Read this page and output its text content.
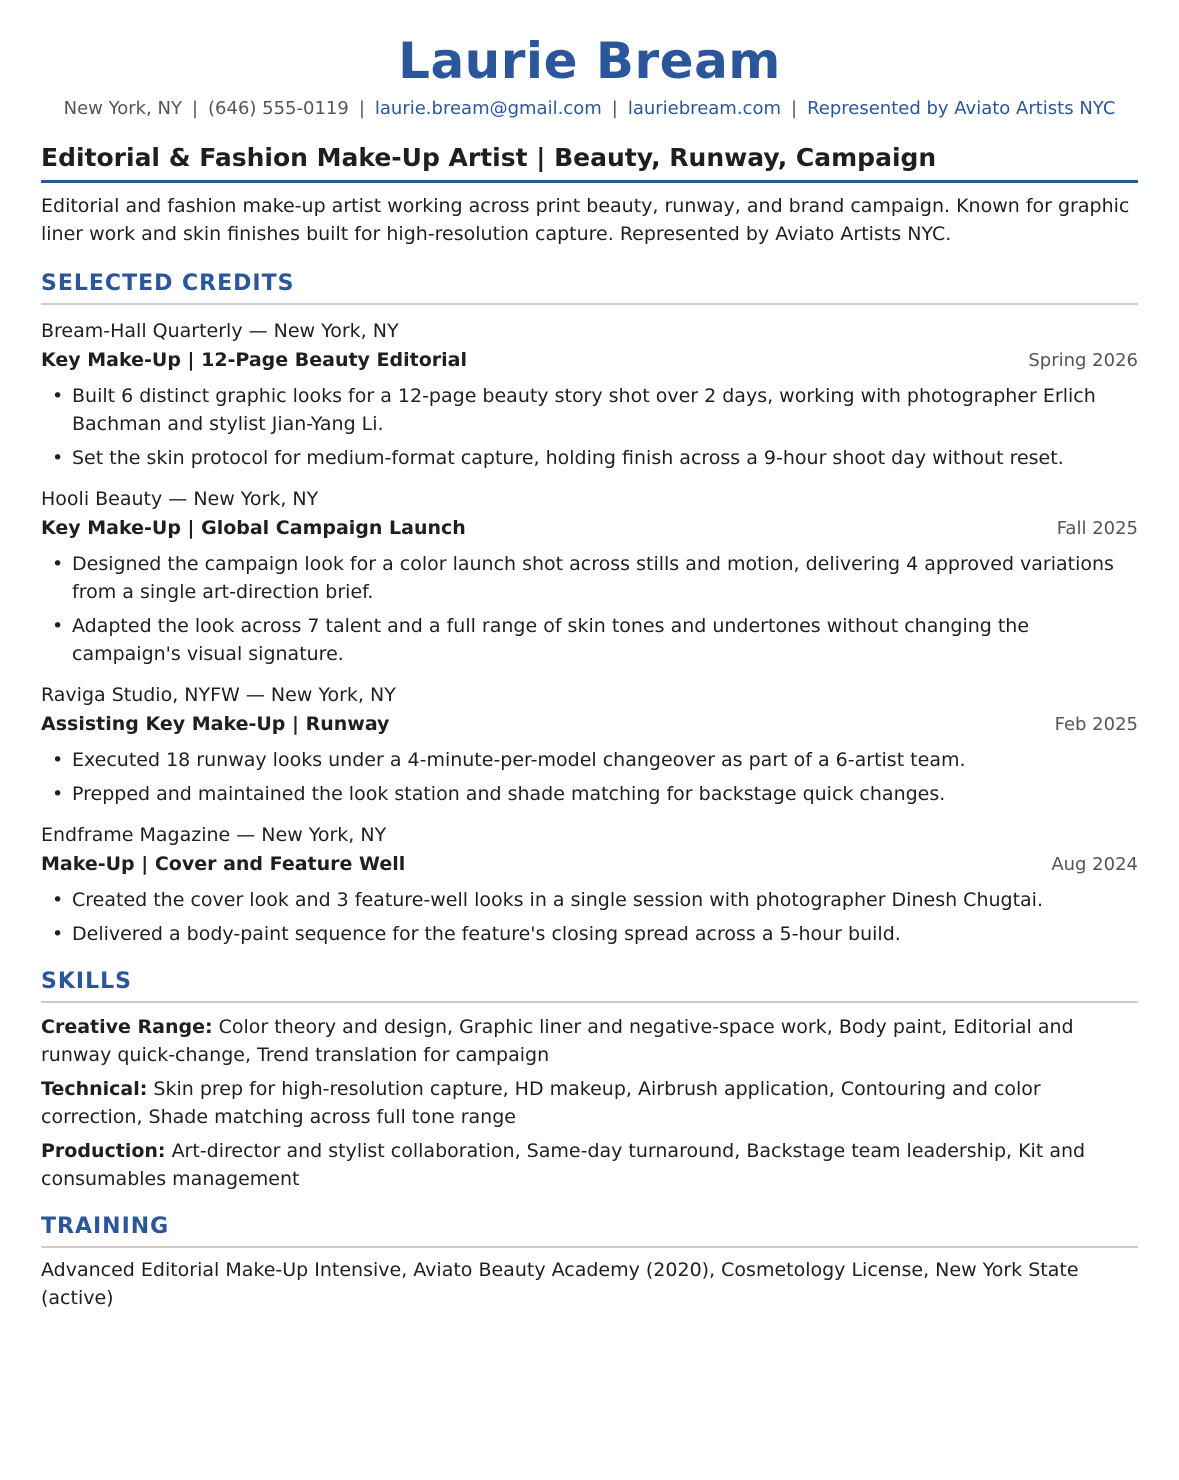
Laurie Bream
New York, NY | (646) 555-0119 | laurie.bream@gmail.com | lauriebream.com | Represented by Aviato Artists NYC
Editorial & Fashion Make-Up Artist | Beauty, Runway, Campaign
Editorial and fashion make-up artist working across print beauty, runway, and brand campaign. Known for graphic liner work and skin finishes built for high-resolution capture. Represented by Aviato Artists NYC.
SELECTED CREDITS
Bream-Hall Quarterly — New York, NY
Key Make-Up | 12-Page Beauty Editorial	Spring 2026
• Built 6 distinct graphic looks for a 12-page beauty story shot over 2 days, working with photographer Erlich Bachman and stylist Jian-Yang Li.
• Set the skin protocol for medium-format capture, holding finish across a 9-hour shoot day without reset.
Hooli Beauty — New York, NY
Key Make-Up | Global Campaign Launch	Fall 2025
• Designed the campaign look for a color launch shot across stills and motion, delivering 4 approved variations from a single art-direction brief.
• Adapted the look across 7 talent and a full range of skin tones and undertones without changing the campaign's visual signature.
Raviga Studio, NYFW — New York, NY
Assisting Key Make-Up | Runway	Feb 2025
• Executed 18 runway looks under a 4-minute-per-model changeover as part of a 6-artist team.
• Prepped and maintained the look station and shade matching for backstage quick changes.
Endframe Magazine — New York, NY
Make-Up | Cover and Feature Well	Aug 2024
• Created the cover look and 3 feature-well looks in a single session with photographer Dinesh Chugtai.
• Delivered a body-paint sequence for the feature's closing spread across a 5-hour build.
SKILLS
Creative Range: Color theory and design, Graphic liner and negative-space work, Body paint, Editorial and runway quick-change, Trend translation for campaign
Technical: Skin prep for high-resolution capture, HD makeup, Airbrush application, Contouring and color correction, Shade matching across full tone range
Production: Art-director and stylist collaboration, Same-day turnaround, Backstage team leadership, Kit and consumables management
TRAINING
Advanced Editorial Make-Up Intensive, Aviato Beauty Academy (2020), Cosmetology License, New York State (active)
